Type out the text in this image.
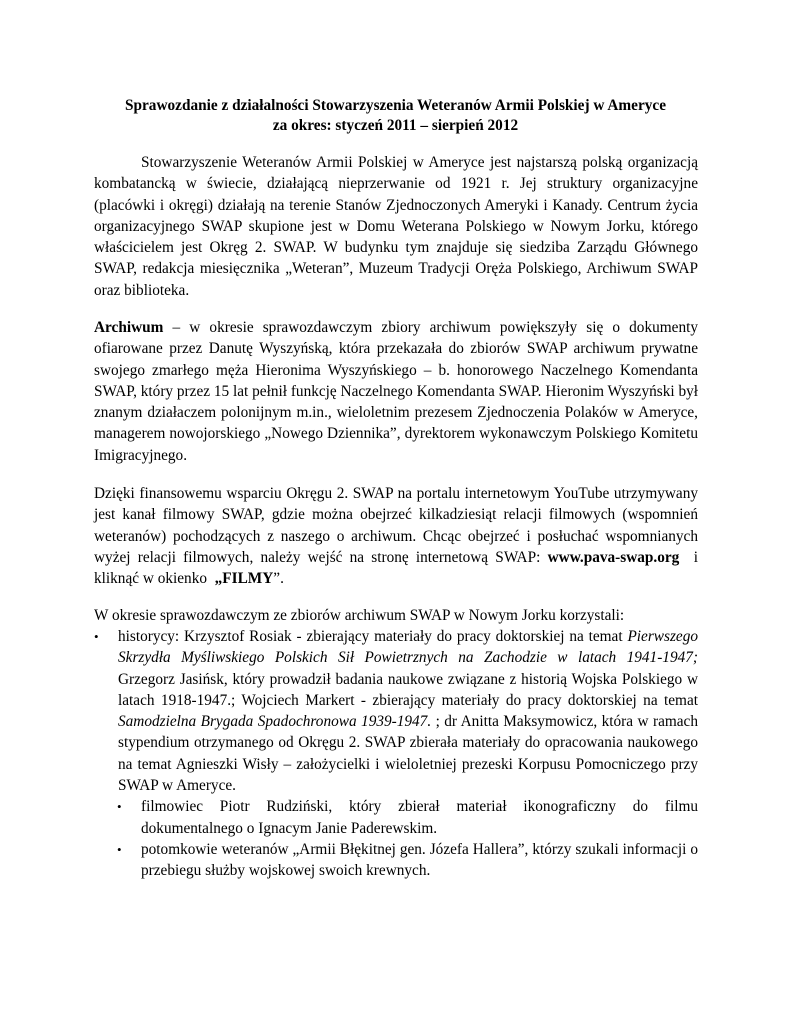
Sprawozdanie z działalności Stowarzyszenia Weteranów Armii Polskiej w Ameryce
za okres: styczeń 2011 – sierpień 2012

Stowarzyszenie Weteranów Armii Polskiej w Ameryce jest najstarszą polską organizacją kombatancką w świecie, działającą nieprzerwanie od 1921 r. Jej struktury organizacyjne (placówki i okręgi) działają na terenie Stanów Zjednoczonych Ameryki i Kanady. Centrum życia organizacyjnego SWAP skupione jest w Domu Weterana Polskiego w Nowym Jorku, którego właścicielem jest Okręg 2. SWAP. W budynku tym znajduje się siedziba Zarządu Głównego SWAP, redakcja miesięcznika „Weteran”, Muzeum Tradycji Oręża Polskiego, Archiwum SWAP oraz biblioteka.

Archiwum – w okresie sprawozdawczym zbiory archiwum powiększyły się o dokumenty ofiarowane przez Danutę Wyszyńską, która przekazała do zbiorów SWAP archiwum prywatne swojego zmarłego męża Hieronima Wyszyńskiego – b. honorowego Naczelnego Komendanta SWAP, który przez 15 lat pełnił funkcję Naczelnego Komendanta SWAP. Hieronim Wyszyński był znanym działaczem polonijnym m.in., wieloletnim prezesem Zjednoczenia Polaków w Ameryce, managerem nowojorskiego „Nowego Dziennika”, dyrektorem wykonawczym Polskiego Komitetu Imigracyjnego.

Dzięki finansowemu wsparciu Okręgu 2. SWAP na portalu internetowym YouTube utrzymywany jest kanał filmowy SWAP, gdzie można obejrzeć kilkadziesiąt relacji filmowych (wspomnień weteranów) pochodzących z naszego o archiwum. Chcąc obejrzeć i posłuchać wspomnianych wyżej relacji filmowych, należy wejść na stronę internetową SWAP: www.pava-swap.org  i kliknąć w okienko  „FILMY”.

W okresie sprawozdawczym ze zbiorów archiwum SWAP w Nowym Jorku korzystali:

• historycy: Krzysztof Rosiak - zbierający materiały do pracy doktorskiej na temat Pierwszego Skrzydła Myśliwskiego Polskich Sił Powietrznych na Zachodzie w latach 1941-1947; Grzegorz Jasińsk, który prowadził badania naukowe związane z historią Wojska Polskiego w latach 1918-1947.; Wojciech Markert - zbierający materiały do pracy doktorskiej na temat Samodzielna Brygada Spadochronowa 1939-1947. ; dr Anitta Maksymowicz, która w ramach stypendium otrzymanego od Okręgu 2. SWAP zbierała materiały do opracowania naukowego na temat Agnieszki Wisły – założycielki i wieloletniej prezeski Korpusu Pomocniczego przy SWAP w Ameryce.
• filmowiec Piotr Rudziński, który zbierał materiał ikonograficzny do filmu dokumentalnego o Ignacym Janie Paderewskim.
• potomkowie weteranów „Armii Błękitnej gen. Józefa Hallera”, którzy szukali informacji o przebiegu służby wojskowej swoich krewnych.
